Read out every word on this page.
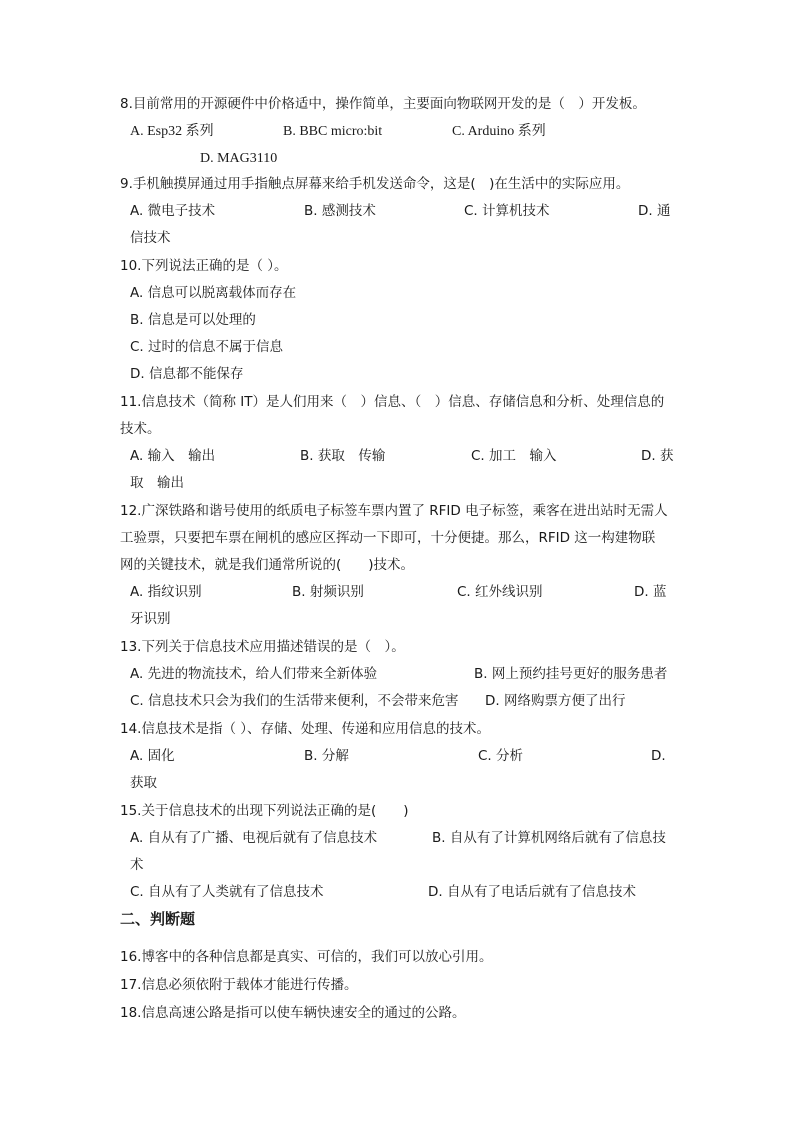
8.目前常用的开源硬件中价格适中，操作简单，主要面向物联网开发的是（　）开发板。
A. Esp32 系列	B. BBC micro:bit	C. Arduino 系列
D. MAG3110
9.手机触摸屏通过用手指触点屏幕来给手机发送命令，这是(　)在生活中的实际应用。
A. 微电子技术	B. 感测技术	C. 计算机技术	D. 通
信技术
10.下列说法正确的是（ ）。
A. 信息可以脱离载体而存在
B. 信息是可以处理的
C. 过时的信息不属于信息
D. 信息都不能保存
11.信息技术（简称 IT）是人们用来（　）信息、（　）信息、存储信息和分析、处理信息的
技术。
A. 输入　输出	B. 获取　传输	C. 加工　输入	D. 获
取　输出
12.广深铁路和谐号使用的纸质电子标签车票内置了 RFID 电子标签，乘客在进出站时无需人
工验票，只要把车票在闸机的感应区挥动一下即可，十分便捷。那么，RFID 这一构建物联
网的关键技术，就是我们通常所说的(　　)技术。
A. 指纹识别	B. 射频识别	C. 红外线识别	D. 蓝
牙识别
13.下列关于信息技术应用描述错误的是（　）。
A. 先进的物流技术，给人们带来全新体验	B. 网上预约挂号更好的服务患者
C. 信息技术只会为我们的生活带来便利，不会带来危害 D. 网络购票方便了出行
14.信息技术是指（ ）、存储、处理、传递和应用信息的技术。
A. 固化	B. 分解	C. 分析	D.
获取
15.关于信息技术的出现下列说法正确的是(　　)
A. 自从有了广播、电视后就有了信息技术	B. 自从有了计算机网络后就有了信息技
术
C. 自从有了人类就有了信息技术	D. 自从有了电话后就有了信息技术
二、判断题
16.博客中的各种信息都是真实、可信的，我们可以放心引用。
17.信息必须依附于载体才能进行传播。
18.信息高速公路是指可以使车辆快速安全的通过的公路。
